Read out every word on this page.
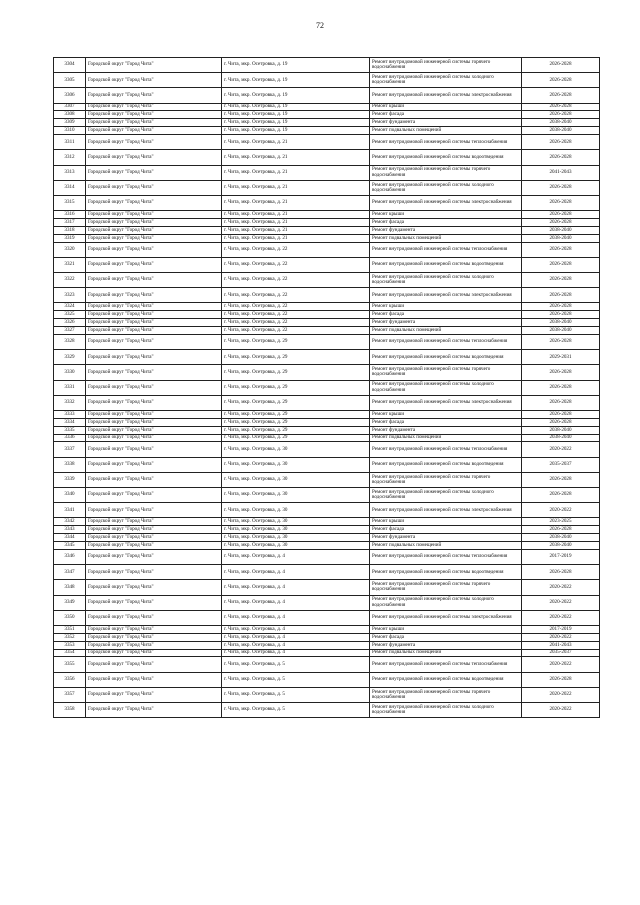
72
3304	Городской округ "Город Чита"	г. Чита, мкр. Осетровка, д. 19	Ремонт внутридомовой инженерной системы горячего водоснабжения	2026-2028
3305	Городской округ "Город Чита"	г. Чита, мкр. Осетровка, д. 19	Ремонт внутридомовой инженерной системы холодного водоснабжения	2026-2028
3306	Городской округ "Город Чита"	г. Чита, мкр. Осетровка, д. 19	Ремонт внутридомовой инженерной системы электроснабжения	2026-2028
3307	Городской округ "Город Чита"	г. Чита, мкр. Осетровка, д. 19	Ремонт крыши	2026-2028
3308	Городской округ "Город Чита"	г. Чита, мкр. Осетровка, д. 19	Ремонт фасада	2026-2028
3309	Городской округ "Город Чита"	г. Чита, мкр. Осетровка, д. 19	Ремонт фундамента	2038-2040
3310	Городской округ "Город Чита"	г. Чита, мкр. Осетровка, д. 19	Ремонт подвальных помещений	2038-2040
3311	Городской округ "Город Чита"	г. Чита, мкр. Осетровка, д. 21	Ремонт внутридомовой инженерной системы теплоснабжения	2026-2028
3312	Городской округ "Город Чита"	г. Чита, мкр. Осетровка, д. 21	Ремонт внутридомовой инженерной системы водоотведения	2026-2028
3313	Городской округ "Город Чита"	г. Чита, мкр. Осетровка, д. 21	Ремонт внутридомовой инженерной системы горячего водоснабжения	2041-2043
3314	Городской округ "Город Чита"	г. Чита, мкр. Осетровка, д. 21	Ремонт внутридомовой инженерной системы холодного водоснабжения	2026-2028
3315	Городской округ "Город Чита"	г. Чита, мкр. Осетровка, д. 21	Ремонт внутридомовой инженерной системы электроснабжения	2026-2028
3316	Городской округ "Город Чита"	г. Чита, мкр. Осетровка, д. 21	Ремонт крыши	2026-2028
3317	Городской округ "Город Чита"	г. Чита, мкр. Осетровка, д. 21	Ремонт фасада	2026-2028
3318	Городской округ "Город Чита"	г. Чита, мкр. Осетровка, д. 21	Ремонт фундамента	2038-2040
3319	Городской округ "Город Чита"	г. Чита, мкр. Осетровка, д. 21	Ремонт подвальных помещений	2038-2040
3320	Городской округ "Город Чита"	г. Чита, мкр. Осетровка, д. 22	Ремонт внутридомовой инженерной системы теплоснабжения	2026-2028
3321	Городской округ "Город Чита"	г. Чита, мкр. Осетровка, д. 22	Ремонт внутридомовой инженерной системы водоотведения	2026-2028
3322	Городской округ "Город Чита"	г. Чита, мкр. Осетровка, д. 22	Ремонт внутридомовой инженерной системы холодного водоснабжения	2026-2028
3323	Городской округ "Город Чита"	г. Чита, мкр. Осетровка, д. 22	Ремонт внутридомовой инженерной системы электроснабжения	2026-2028
3324	Городской округ "Город Чита"	г. Чита, мкр. Осетровка, д. 22	Ремонт крыши	2026-2028
3325	Городской округ "Город Чита"	г. Чита, мкр. Осетровка, д. 22	Ремонт фасада	2026-2028
3326	Городской округ "Город Чита"	г. Чита, мкр. Осетровка, д. 22	Ремонт фундамента	2038-2040
3327	Городской округ "Город Чита"	г. Чита, мкр. Осетровка, д. 22	Ремонт подвальных помещений	2038-2040
3328	Городской округ "Город Чита"	г. Чита, мкр. Осетровка, д. 29	Ремонт внутридомовой инженерной системы теплоснабжения	2026-2028
3329	Городской округ "Город Чита"	г. Чита, мкр. Осетровка, д. 29	Ремонт внутридомовой инженерной системы водоотведения	2029-2031
3330	Городской округ "Город Чита"	г. Чита, мкр. Осетровка, д. 29	Ремонт внутридомовой инженерной системы горячего водоснабжения	2026-2028
3331	Городской округ "Город Чита"	г. Чита, мкр. Осетровка, д. 29	Ремонт внутридомовой инженерной системы холодного водоснабжения	2026-2028
3332	Городской округ "Город Чита"	г. Чита, мкр. Осетровка, д. 29	Ремонт внутридомовой инженерной системы электроснабжения	2026-2028
3333	Городской округ "Город Чита"	г. Чита, мкр. Осетровка, д. 29	Ремонт крыши	2026-2028
3334	Городской округ "Город Чита"	г. Чита, мкр. Осетровка, д. 29	Ремонт фасада	2026-2028
3335	Городской округ "Город Чита"	г. Чита, мкр. Осетровка, д. 29	Ремонт фундамента	2038-2040
3336	Городской округ "Город Чита"	г. Чита, мкр. Осетровка, д. 29	Ремонт подвальных помещений	2038-2040
3337	Городской округ "Город Чита"	г. Чита, мкр. Осетровка, д. 30	Ремонт внутридомовой инженерной системы теплоснабжения	2020-2022
3338	Городской округ "Город Чита"	г. Чита, мкр. Осетровка, д. 30	Ремонт внутридомовой инженерной системы водоотведения	2035-2037
3339	Городской округ "Город Чита"	г. Чита, мкр. Осетровка, д. 30	Ремонт внутридомовой инженерной системы горячего водоснабжения	2026-2028
3340	Городской округ "Город Чита"	г. Чита, мкр. Осетровка, д. 30	Ремонт внутридомовой инженерной системы холодного водоснабжения	2026-2028
3341	Городской округ "Город Чита"	г. Чита, мкр. Осетровка, д. 30	Ремонт внутридомовой инженерной системы электроснабжения	2020-2022
3342	Городской округ "Город Чита"	г. Чита, мкр. Осетровка, д. 30	Ремонт крыши	2023-2025
3343	Городской округ "Город Чита"	г. Чита, мкр. Осетровка, д. 30	Ремонт фасада	2026-2028
3344	Городской округ "Город Чита"	г. Чита, мкр. Осетровка, д. 30	Ремонт фундамента	2038-2040
3345	Городской округ "Город Чита"	г. Чита, мкр. Осетровка, д. 30	Ремонт подвальных помещений	2038-2040
3346	Городской округ "Город Чита"	г. Чита, мкр. Осетровка, д. 4	Ремонт внутридомовой инженерной системы теплоснабжения	2017-2019
3347	Городской округ "Город Чита"	г. Чита, мкр. Осетровка, д. 4	Ремонт внутридомовой инженерной системы водоотведения	2026-2028
3348	Городской округ "Город Чита"	г. Чита, мкр. Осетровка, д. 4	Ремонт внутридомовой инженерной системы горячего водоснабжения	2020-2022
3349	Городской округ "Город Чита"	г. Чита, мкр. Осетровка, д. 4	Ремонт внутридомовой инженерной системы холодного водоснабжения	2020-2022
3350	Городской округ "Город Чита"	г. Чита, мкр. Осетровка, д. 4	Ремонт внутридомовой инженерной системы электроснабжения	2020-2022
3351	Городской округ "Город Чита"	г. Чита, мкр. Осетровка, д. 4	Ремонт крыши	2017-2019
3352	Городской округ "Город Чита"	г. Чита, мкр. Осетровка, д. 4	Ремонт фасада	2020-2022
3353	Городской округ "Город Чита"	г. Чита, мкр. Осетровка, д. 4	Ремонт фундамента	2041-2043
3354	Городской округ "Город Чита"	г. Чита, мкр. Осетровка, д. 4	Ремонт подвальных помещений	2035-2037
3355	Городской округ "Город Чита"	г. Чита, мкр. Осетровка, д. 5	Ремонт внутридомовой инженерной системы теплоснабжения	2020-2022
3356	Городской округ "Город Чита"	г. Чита, мкр. Осетровка, д. 5	Ремонт внутридомовой инженерной системы водоотведения	2026-2028
3357	Городской округ "Город Чита"	г. Чита, мкр. Осетровка, д. 5	Ремонт внутридомовой инженерной системы горячего водоснабжения	2020-2022
3358	Городской округ "Город Чита"	г. Чита, мкр. Осетровка, д. 5	Ремонт внутридомовой инженерной системы холодного водоснабжения	2020-2022
